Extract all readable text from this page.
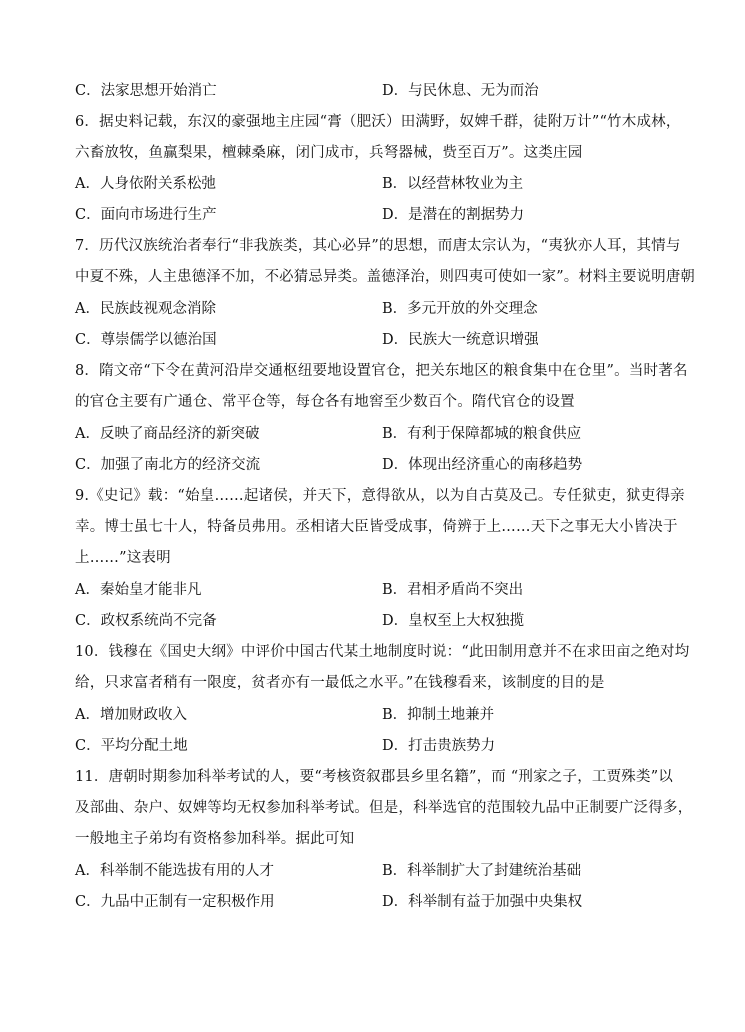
C．法家思想开始消亡	D．与民休息、无为而治
6．据史料记载，东汉的豪强地主庄园“膏（肥沃）田满野，奴婢千群，徒附万计”“竹木成林，
六畜放牧，鱼赢梨果，檀棘桑麻，闭门成市，兵弩器械，赀至百万”。这类庄园
A．人身依附关系松弛	B．以经营林牧业为主
C．面向市场进行生产	D．是潜在的割据势力
7．历代汉族统治者奉行“非我族类，其心必异”的思想，而唐太宗认为，“夷狄亦人耳，其情与
中夏不殊，人主患德泽不加，不必猜忌异类。盖德泽治，则四夷可使如一家”。材料主要说明唐朝
A．民族歧视观念消除	B．多元开放的外交理念
C．尊崇儒学以德治国	D．民族大一统意识增强
8．隋文帝“下令在黄河沿岸交通枢纽要地设置官仓，把关东地区的粮食集中在仓里”。当时著名
的官仓主要有广通仓、常平仓等，每仓各有地窖至少数百个。隋代官仓的设置
A．反映了商品经济的新突破	B．有利于保障都城的粮食供应
C．加强了南北方的经济交流	D．体现出经济重心的南移趋势
9.《史记》载：“始皇……起诸侯，并天下，意得欲从，以为自古莫及己。专任狱吏，狱吏得亲
幸。博士虽七十人，特备员弗用。丞相诸大臣皆受成事，倚辨于上……天下之事无大小皆决于
上……”这表明
A．秦始皇才能非凡	B．君相矛盾尚不突出
C．政权系统尚不完备	D．皇权至上大权独揽
10．钱穆在《国史大纲》中评价中国古代某土地制度时说：“此田制用意并不在求田亩之绝对均
给，只求富者稍有一限度，贫者亦有一最低之水平。”在钱穆看来，该制度的目的是
A．增加财政收入	B．抑制土地兼并
C．平均分配土地	D．打击贵族势力
11．唐朝时期参加科举考试的人，要“考核资叙郡县乡里名籍”，而 “刑家之子，工贾殊类”以
及部曲、杂户、奴婢等均无权参加科举考试。但是，科举选官的范围较九品中正制要广泛得多，
一般地主子弟均有资格参加科举。据此可知
A．科举制不能选拔有用的人才	B．科举制扩大了封建统治基础
C．九品中正制有一定积极作用	D．科举制有益于加强中央集权
